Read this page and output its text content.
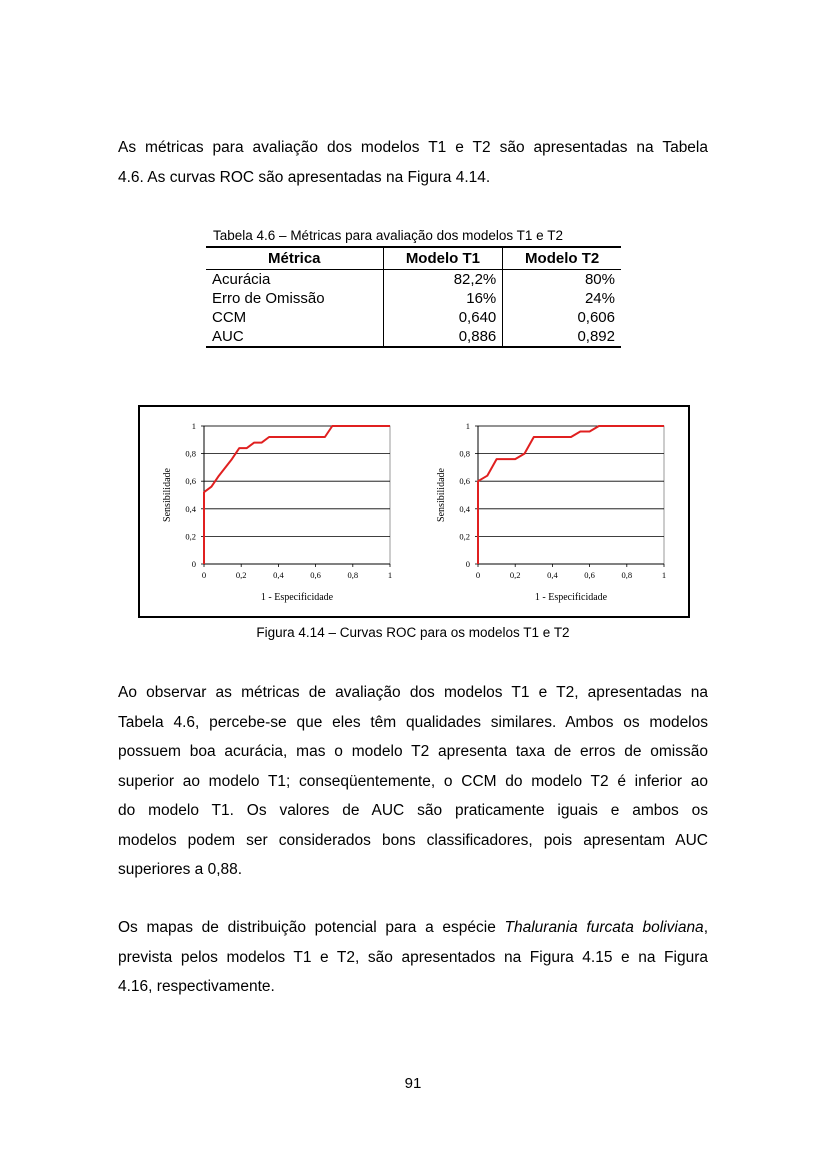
As métricas para avaliação dos modelos T1 e T2 são apresentadas na Tabela
4.6. As curvas ROC são apresentadas na Figura 4.14.

Tabela 4.6 – Métricas para avaliação dos modelos T1 e T2
Métrica	Modelo T1	Modelo T2
Acurácia	82,2%	80%
Erro de Omissão	16%	24%
CCM	0,640	0,606
AUC	0,886	0,892
0
0,2
0,4
0,6
0,8
1
0	0,2	0,4	0,6	0,8	1
1 - Especificidade
Sensibilidade
0
0,2
0,4
0,6
0,8
1
0	0,2	0,4	0,6	0,8	1
1 - Especificidade
Sensibilidade
Figura 4.14 – Curvas ROC para os modelos T1 e T2

Ao observar as métricas de avaliação dos modelos T1 e T2, apresentadas na
Tabela 4.6, percebe-se que eles têm qualidades similares. Ambos os modelos
possuem boa acurácia, mas o modelo T2 apresenta taxa de erros de omissão
superior ao modelo T1; conseqüentemente, o CCM do modelo T2 é inferior ao
do modelo T1. Os valores de AUC são praticamente iguais e ambos os
modelos podem ser considerados bons classificadores, pois apresentam AUC
superiores a 0,88.

Os mapas de distribuição potencial para a espécie Thalurania furcata boliviana,
prevista pelos modelos T1 e T2, são apresentados na Figura 4.15 e na Figura
4.16, respectivamente.

91
